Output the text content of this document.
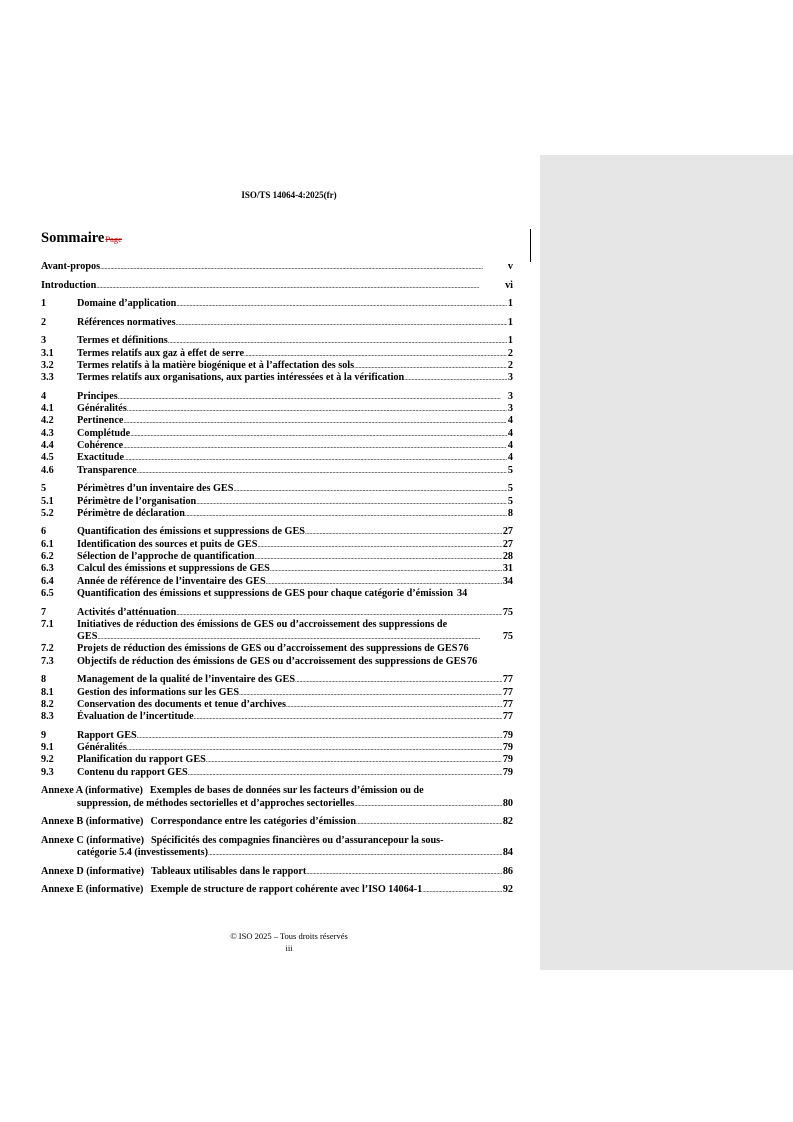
ISO/TS 14064-4:2025(fr)
SommairePage
Avant-propos .....	v
Introduction .....	vi
1	Domaine d’application .....	1
2	Références normatives .....	1
3	Termes et définitions .....	1
3.1	Termes relatifs aux gaz à effet de serre .....	2
3.2	Termes relatifs à la matière biogénique et à l’affectation des sols .....	2
3.3	Termes relatifs aux organisations, aux parties intéressées et à la vérification .....	3
4	Principes .....	3
4.1	Généralités .....	3
4.2	Pertinence .....	4
4.3	Complétude .....	4
4.4	Cohérence .....	4
4.5	Exactitude .....	4
4.6	Transparence .....	5
5	Périmètres d’un inventaire des GES .....	5
5.1	Périmètre de l’organisation .....	5
5.2	Périmètre de déclaration .....	8
6	Quantification des émissions et suppressions de GES .....	27
6.1	Identification des sources et puits de GES .....	27
6.2	Sélection de l’approche de quantification .....	28
6.3	Calcul des émissions et suppressions de GES .....	31
6.4	Année de référence de l’inventaire des GES .....	34
6.5	Quantification des émissions et suppressions de GES pour chaque catégorie d’émission 34
7	Activités d’atténuation .....	75
7.1	Initiatives de réduction des émissions de GES ou d’accroissement des suppressions de
GES .....	75
7.2	Projets de réduction des émissions de GES ou d’accroissement des suppressions de GES 76
7.3	Objectifs de réduction des émissions de GES ou d’accroissement des suppressions de GES 76
8	Management de la qualité de l’inventaire des GES .....	77
8.1	Gestion des informations sur les GES .....	77
8.2	Conservation des documents et tenue d’archives .....	77
8.3	Évaluation de l’incertitude .....	77
9	Rapport GES .....	79
9.1	Généralités .....	79
9.2	Planification du rapport GES .....	79
9.3	Contenu du rapport GES .....	79
Annexe A (informative) Exemples de bases de données sur les facteurs d’émission ou de
suppression, de méthodes sectorielles et d’approches sectorielles .....	80
Annexe B (informative) Correspondance entre les catégories d’émission .....	82
Annexe C (informative) Spécificités des compagnies financières ou d’assurancepour la sous-
catégorie 5.4 (investissements) .....	84
Annexe D (informative) Tableaux utilisables dans le rapport .....	86
Annexe E (informative) Exemple de structure de rapport cohérente avec l’ISO 14064-1 .....	92
© ISO 2025 – Tous droits réservés
iii
